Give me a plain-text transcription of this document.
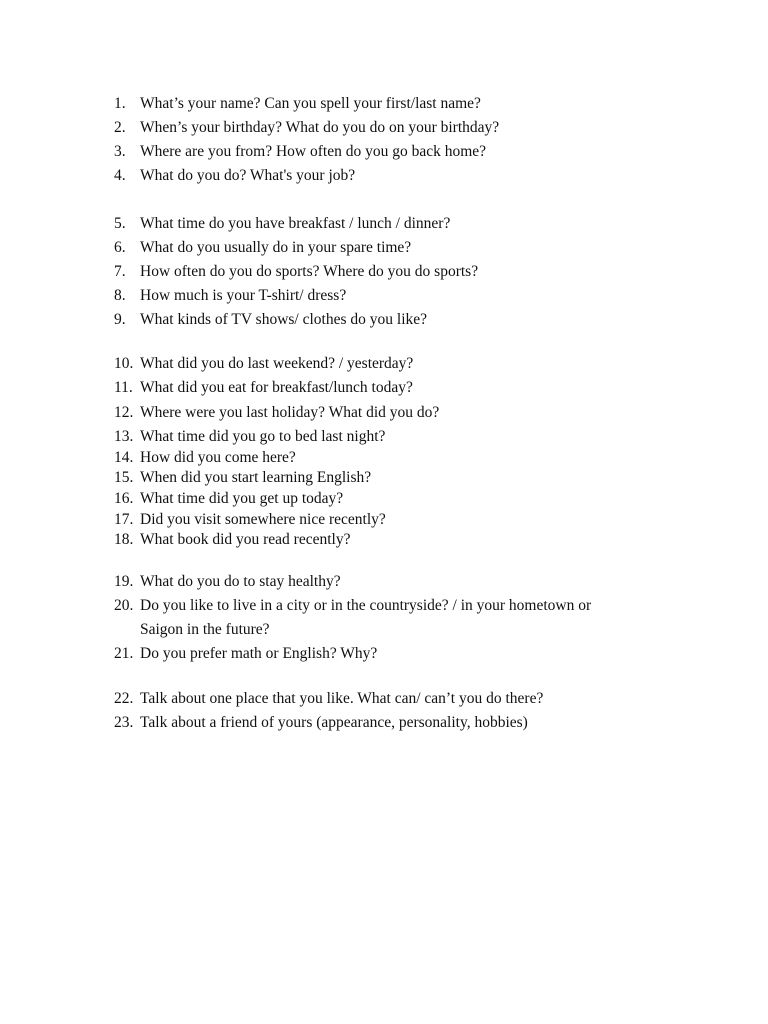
1. What’s your name? Can you spell your first/last name?
2. When’s your birthday? What do you do on your birthday?
3. Where are you from? How often do you go back home?
4. What do you do? What's your job?
5. What time do you have breakfast / lunch / dinner?
6. What do you usually do in your spare time?
7. How often do you do sports? Where do you do sports?
8. How much is your T-shirt/ dress?
9. What kinds of TV shows/ clothes do you like?
10. What did you do last weekend? / yesterday?
11. What did you eat for breakfast/lunch today?
12. Where were you last holiday? What did you do?
13. What time did you go to bed last night?
14. How did you come here?
15. When did you start learning English?
16. What time did you get up today?
17. Did you visit somewhere nice recently?
18. What book did you read recently?
19. What do you do to stay healthy?
20. Do you like to live in a city or in the countryside? / in your hometown or
Saigon in the future?
21. Do you prefer math or English? Why?
22. Talk about one place that you like. What can/ can’t you do there?
23. Talk about a friend of yours (appearance, personality, hobbies)
